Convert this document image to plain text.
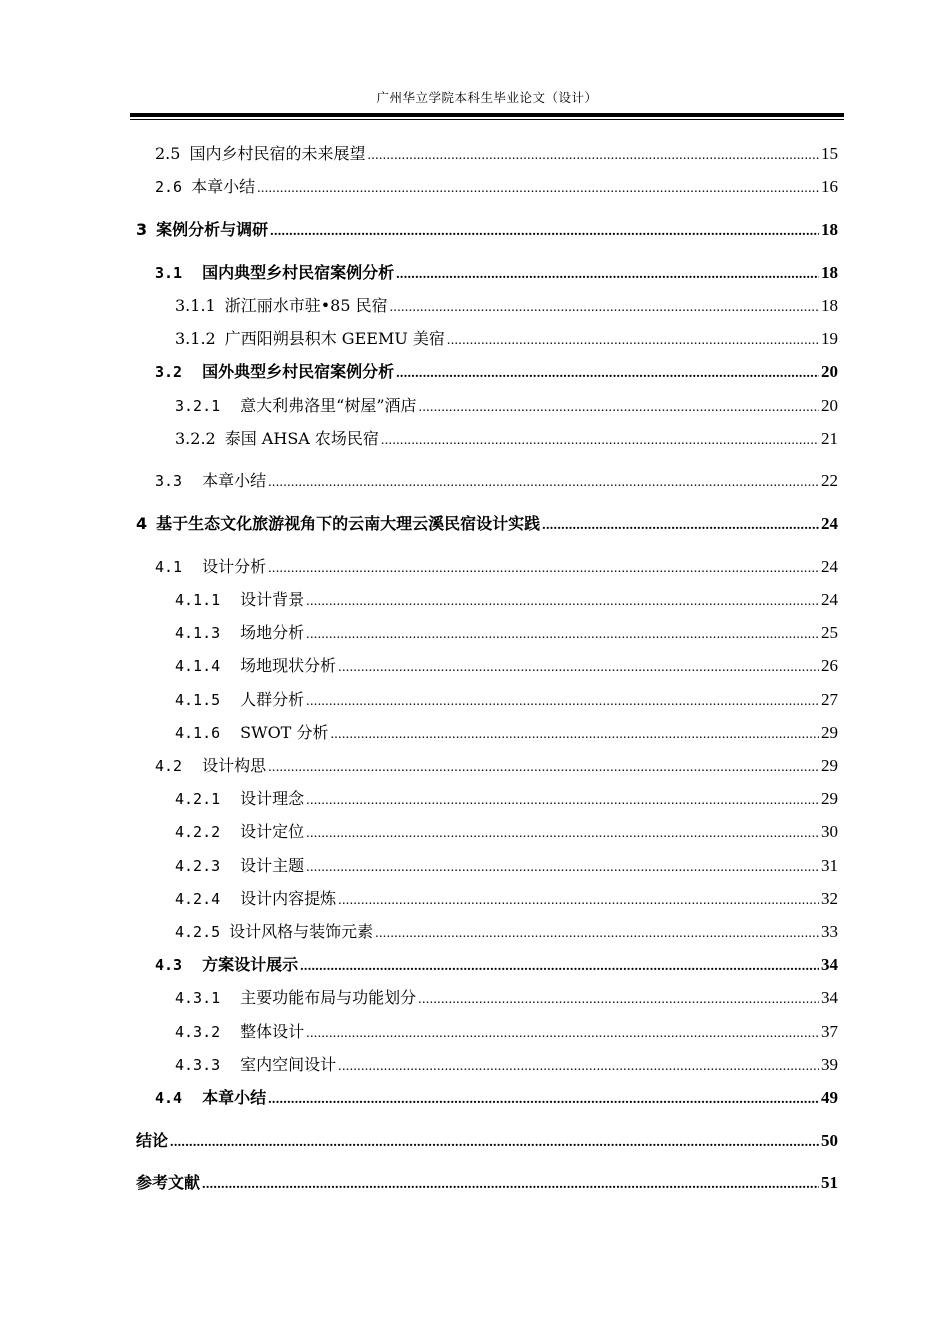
广州华立学院本科生毕业论文（设计）
2.5 国内乡村民宿的未来展望 .....	15
2.6 本章小结 .....	16
3 案例分析与调研 .....	18
3.1 国内典型乡村民宿案例分析 .....	18
3.1.1 浙江丽水市驻•85 民宿 .....	18
3.1.2 广西阳朔县积木 GEEMU 美宿 .....	19
3.2 国外典型乡村民宿案例分析 .....	20
3.2.1 意大利弗洛里“树屋”酒店 .....	20
3.2.2 泰国 AHSA 农场民宿 .....	21
3.3 本章小结 .....	22
4 基于生态文化旅游视角下的云南大理云溪民宿设计实践 .....	24
4.1 设计分析 .....	24
4.1.1 设计背景 .....	24
4.1.3 场地分析 .....	25
4.1.4 场地现状分析 .....	26
4.1.5 人群分析 .....	27
4.1.6 SWOT 分析 .....	29
4.2 设计构思 .....	29
4.2.1 设计理念 .....	29
4.2.2 设计定位 .....	30
4.2.3 设计主题 .....	31
4.2.4 设计内容提炼 .....	32
4.2.5 设计风格与装饰元素 .....	33
4.3 方案设计展示 .....	34
4.3.1 主要功能布局与功能划分 .....	34
4.3.2 整体设计 .....	37
4.3.3 室内空间设计 .....	39
4.4 本章小结 .....	49
结论 .....	50
参考文献 .....	51
